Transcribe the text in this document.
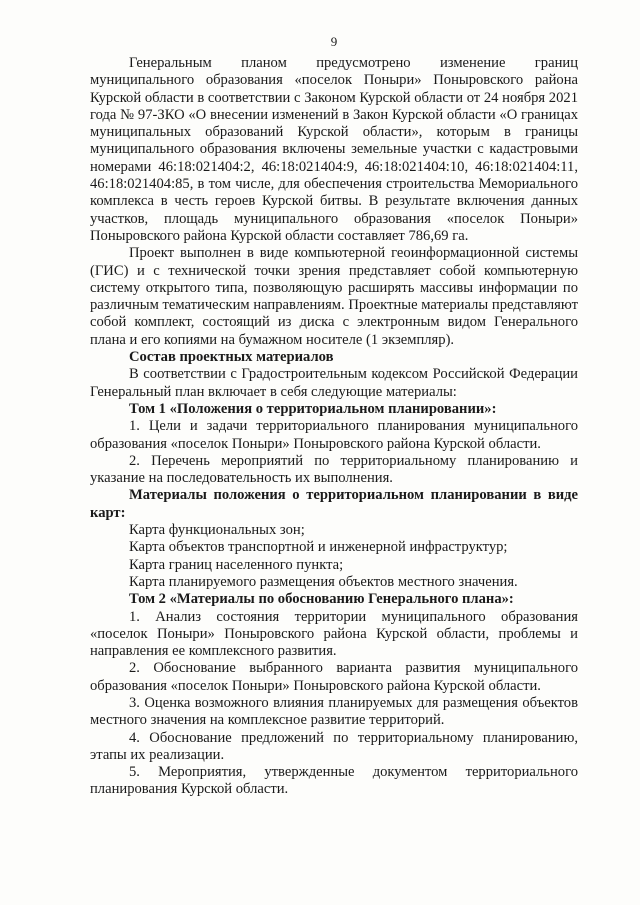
9

Генеральным планом предусмотрено изменение границ муниципального образования «поселок Поныри» Поныровского района Курской области в соответствии с Законом Курской области от 24 ноября 2021 года № 97-ЗКО «О внесении изменений в Закон Курской области «О границах муниципальных образований Курской области», которым в границы муниципального образования включены земельные участки с кадастровыми номерами 46:18:021404:2, 46:18:021404:9, 46:18:021404:10, 46:18:021404:11, 46:18:021404:85, в том числе, для обеспечения строительства Мемориального комплекса в честь героев Курской битвы. В результате включения данных участков, площадь муниципального образования «поселок Поныри» Поныровского района Курской области составляет 786,69 га.

Проект выполнен в виде компьютерной геоинформационной системы (ГИС) и с технической точки зрения представляет собой компьютерную систему открытого типа, позволяющую расширять массивы информации по различным тематическим направлениям. Проектные материалы представляют собой комплект, состоящий из диска с электронным видом Генерального плана и его копиями на бумажном носителе (1 экземпляр).

Состав проектных материалов

В соответствии с Градостроительным кодексом Российской Федерации Генеральный план включает в себя следующие материалы:

Том 1 «Положения о территориальном планировании»:

1. Цели и задачи территориального планирования муниципального образования «поселок Поныри» Поныровского района Курской области.

2. Перечень мероприятий по территориальному планированию и указание на последовательность их выполнения.

Материалы положения о территориальном планировании в виде карт:

Карта функциональных зон;

Карта объектов транспортной и инженерной инфраструктур;

Карта границ населенного пункта;

Карта планируемого размещения объектов местного значения.

Том 2 «Материалы по обоснованию Генерального плана»:

1. Анализ состояния территории муниципального образования «поселок Поныри» Поныровского района Курской области, проблемы и направления ее комплексного развития.

2. Обоснование выбранного варианта развития муниципального образования «поселок Поныри» Поныровского района Курской области.

3. Оценка возможного влияния планируемых для размещения объектов местного значения на комплексное развитие территорий.

4. Обоснование предложений по территориальному планированию, этапы их реализации.

5. Мероприятия, утвержденные документом территориального планирования Курской области.
